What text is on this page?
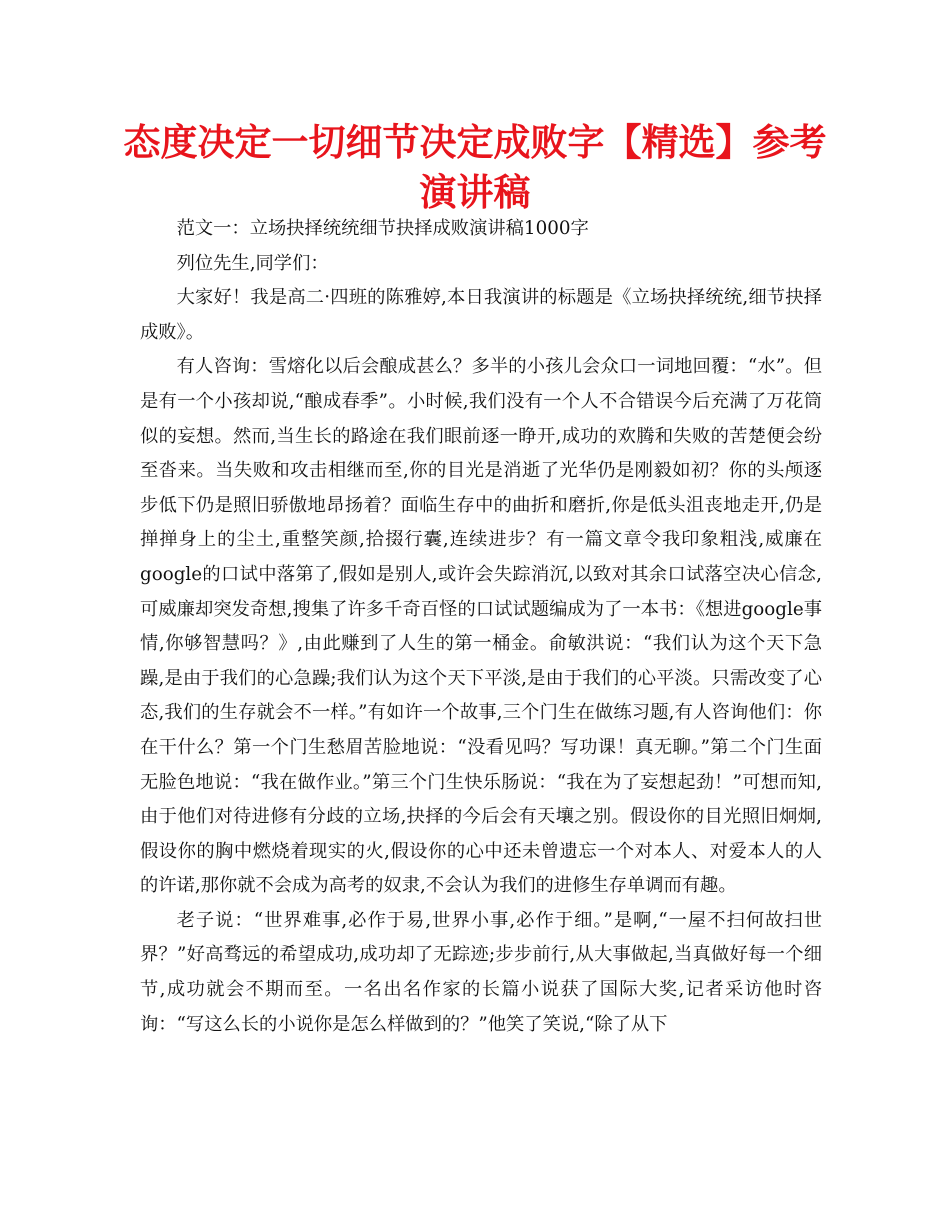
态度决定一切细节决定成败字【精选】参考演讲稿

范文一：立场抉择统统细节抉择成败演讲稿1000字

列位先生,同学们：

大家好！我是高二·四班的陈雅婷,本日我演讲的标题是《立场抉择统统,细节抉择成败》。

有人咨询：雪熔化以后会酿成甚么？多半的小孩儿会众口一词地回覆：“水”。但是有一个小孩却说,“酿成春季”。小时候,我们没有一个人不合错误今后充满了万花筒似的妄想。然而,当生长的路途在我们眼前逐一睁开,成功的欢腾和失败的苦楚便会纷至沓来。当失败和攻击相继而至,你的目光是消逝了光华仍是刚毅如初？你的头颅逐步低下仍是照旧骄傲地昂扬着？面临生存中的曲折和磨折,你是低头沮丧地走开,仍是掸掸身上的尘土,重整笑颜,拾掇行囊,连续进步？有一篇文章令我印象粗浅,威廉在google的口试中落第了,假如是别人,或许会失踪消沉,以致对其余口试落空决心信念,可威廉却突发奇想,搜集了许多千奇百怪的口试试题编成为了一本书：《想进google事情,你够智慧吗？》,由此赚到了人生的第一桶金。俞敏洪说：“我们认为这个天下急躁,是由于我们的心急躁;我们认为这个天下平淡,是由于我们的心平淡。只需改变了心态,我们的生存就会不一样。”有如许一个故事,三个门生在做练习题,有人咨询他们：你在干什么？第一个门生愁眉苦脸地说：“没看见吗？写功课！真无聊。”第二个门生面无脸色地说：“我在做作业。”第三个门生快乐肠说：“我在为了妄想起劲！”可想而知,由于他们对待进修有分歧的立场,抉择的今后会有天壤之别。假设你的目光照旧炯炯,假设你的胸中燃烧着现实的火,假设你的心中还未曾遗忘一个对本人、对爱本人的人的许诺,那你就不会成为高考的奴隶,不会认为我们的进修生存单调而有趣。

老子说：“世界难事,必作于易,世界小事,必作于细。”是啊,“一屋不扫何故扫世界？”好高骛远的希望成功,成功却了无踪迹;步步前行,从大事做起,当真做好每一个细节,成功就会不期而至。一名出名作家的长篇小说获了国际大奖,记者采访他时咨询：“写这么长的小说你是怎么样做到的？”他笑了笑说,“除了从下
